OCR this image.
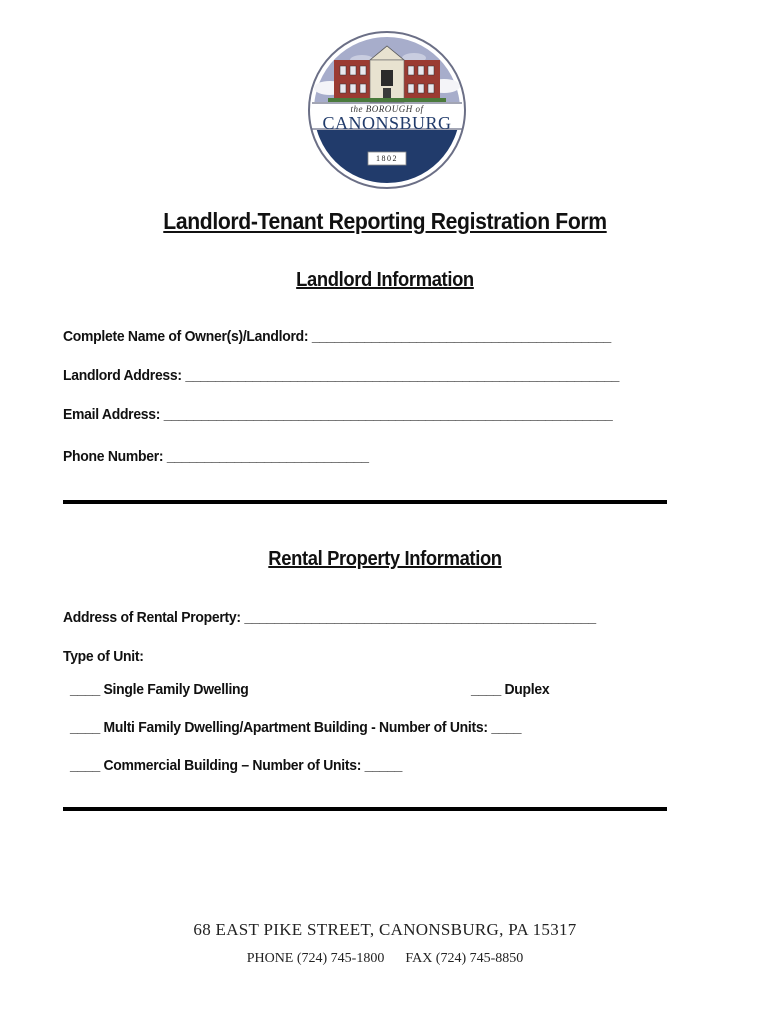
the BOROUGH of
CANONSBURG
1802
Landlord-Tenant Reporting Registration Form
Landlord Information
Complete Name of Owner(s)/Landlord: ________________________________________
Landlord Address: __________________________________________________________
Email Address: ____________________________________________________________
Phone Number: ___________________________
Rental Property Information
Address of Rental Property: _______________________________________________
Type of Unit:
____ Single Family Dwelling	____ Duplex
____ Multi Family Dwelling/Apartment Building - Number of Units: ____
____ Commercial Building – Number of Units: _____
68 EAST PIKE STREET, CANONSBURG, PA 15317
PHONE (724) 745-1800      FAX (724) 745-8850
